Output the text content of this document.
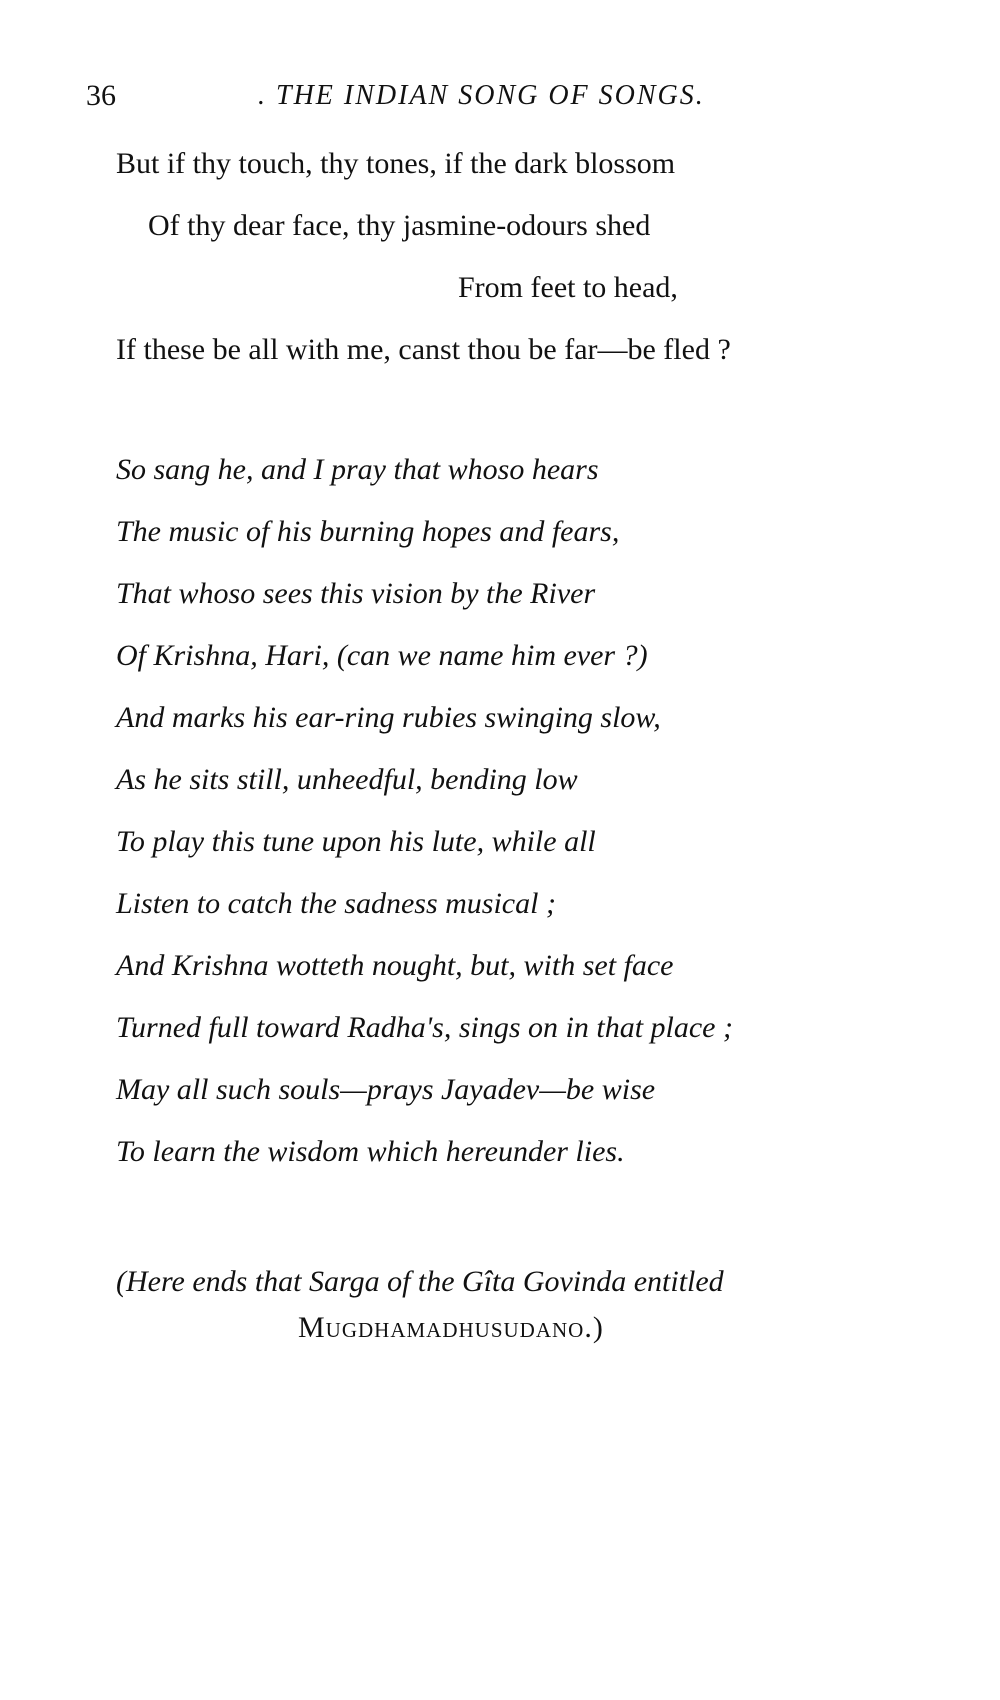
36	. THE INDIAN SONG OF SONGS.
But if thy touch, thy tones, if the dark blossom
Of thy dear face, thy jasmine-odours shed
From feet to head,
If these be all with me, canst thou be far—be fled ?
So sang he, and I pray that whoso hears
The music of his burning hopes and fears,
That whoso sees this vision by the River
Of Krishna, Hari, (can we name him ever ?)
And marks his ear-ring rubies swinging slow,
As he sits still, unheedful, bending low
To play this tune upon his lute, while all
Listen to catch the sadness musical ;
And Krishna wotteth nought, but, with set face
Turned full toward Radha's, sings on in that place ;
May all such souls—prays Jayadev—be wise
To learn the wisdom which hereunder lies.
(Here ends that Sarga of the Gîta Govinda entitled
Mugdhamadhusudano.)
